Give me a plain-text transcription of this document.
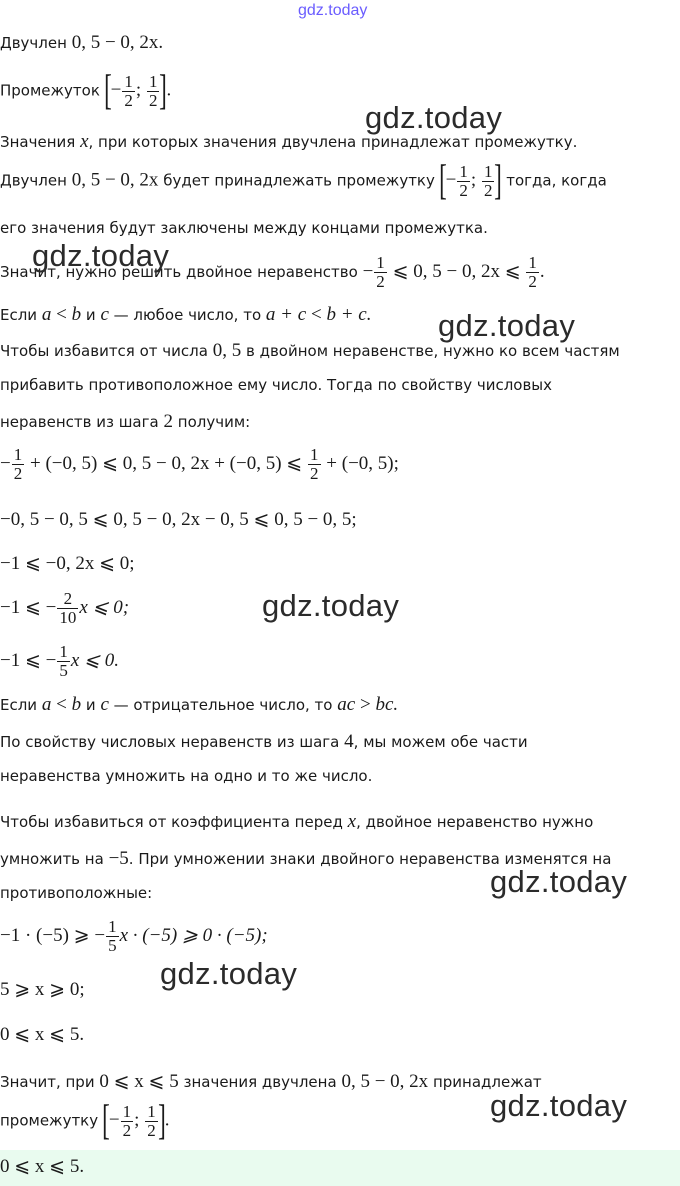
gdz.today
Двучлен 0, 5 − 0, 2x.
Промежуток [− $\frac{1}{2}$ ; $\frac{1}{2}$ ].
Значения x, при которых значения двучлена принадлежат промежутку.
Двучлен 0, 5 − 0, 2x будет принадлежать промежутку [− $\frac{1}{2}$ ; $\frac{1}{2}$ ] тогда, когда
его значения будут заключены между концами промежутка.
Значит, нужно решить двойное неравенство − $\frac{1}{2}$ ⩽ 0, 5 − 0, 2x ⩽ $\frac{1}{2}$ .
Если a < b и c — любое число, то a + c < b + c.
Чтобы избавится от числа 0, 5 в двойном неравенстве, нужно ко всем частям
прибавить противоположное ему число. Тогда по свойству числовых
неравенств из шага 2 получим:
− $\frac{1}{2} + (-0$, 5) ⩽ 0, 5 − 0, 2x + (−0, 5) ⩽ $\frac{1}{2} + (-0$, 5);
−0, 5 − 0, 5 ⩽ 0, 5 − 0, 2x − 0, 5 ⩽ 0, 5 − 0, 5;
−1 ⩽ −0, 2x ⩽ 0;
−1 ⩽ − $\frac{2}{10}$ x ⩽ 0;
−1 ⩽ − $\frac{1}{5}$ x ⩽ 0.
Если a < b и c — отрицательное число, то ac > bc.
По свойству числовых неравенств из шага 4, мы можем обе части
неравенства умножить на одно и то же число.
Чтобы избавиться от коэффициента перед x, двойное неравенство нужно
умножить на −5. При умножении знаки двойного неравенства изменятся на
противоположные:
−1 · (−5) ⩾ − $\frac{1}{5}$ x · (−5) ⩾ 0 · (−5);
5 ⩾ x ⩾ 0;
0 ⩽ x ⩽ 5.
Значит, при 0 ⩽ x ⩽ 5 значения двучлена 0, 5 − 0, 2x принадлежат
промежутку [− $\frac{1}{2}$ ; $\frac{1}{2}$ ].
0 ⩽ x ⩽ 5.
gdz.today
gdz.today
gdz.today
gdz.today
gdz.today
gdz.today
gdz.today
